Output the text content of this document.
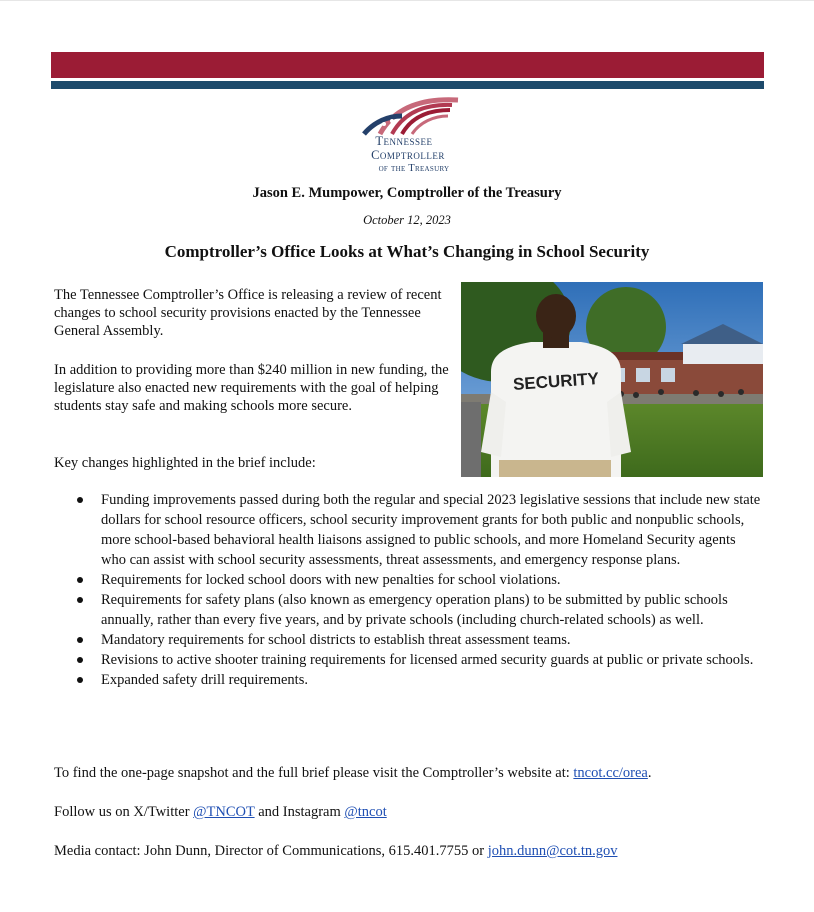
Tennessee
Comptroller
of the Treasury
Jason E. Mumpower, Comptroller of the Treasury
October 12, 2023
Comptroller’s Office Looks at What’s Changing in School Security
The Tennessee Comptroller’s Office is releasing a review of recent changes to school security provisions enacted by the Tennessee General Assembly.
In addition to providing more than $240 million in new funding, the legislature also enacted new requirements with the goal of helping students stay safe and making schools more secure.
Key changes highlighted in the brief include:
SECURITY
Funding improvements passed during both the regular and special 2023 legislative sessions that include new state dollars for school resource officers, school security improvement grants for both public and nonpublic schools, more school-based behavioral health liaisons assigned to public schools, and more Homeland Security agents who can assist with school security assessments, threat assessments, and emergency response plans.
Requirements for locked school doors with new penalties for school violations.
Requirements for safety plans (also known as emergency operation plans) to be submitted by public schools annually, rather than every five years, and by private schools (including church-related schools) as well.
Mandatory requirements for school districts to establish threat assessment teams.
Revisions to active shooter training requirements for licensed armed security guards at public or private schools.
Expanded safety drill requirements.
To find the one-page snapshot and the full brief please visit the Comptroller’s website at: tncot.cc/orea.
Follow us on X/Twitter @TNCOT and Instagram @tncot
Media contact: John Dunn, Director of Communications, 615.401.7755 or john.dunn@cot.tn.gov
